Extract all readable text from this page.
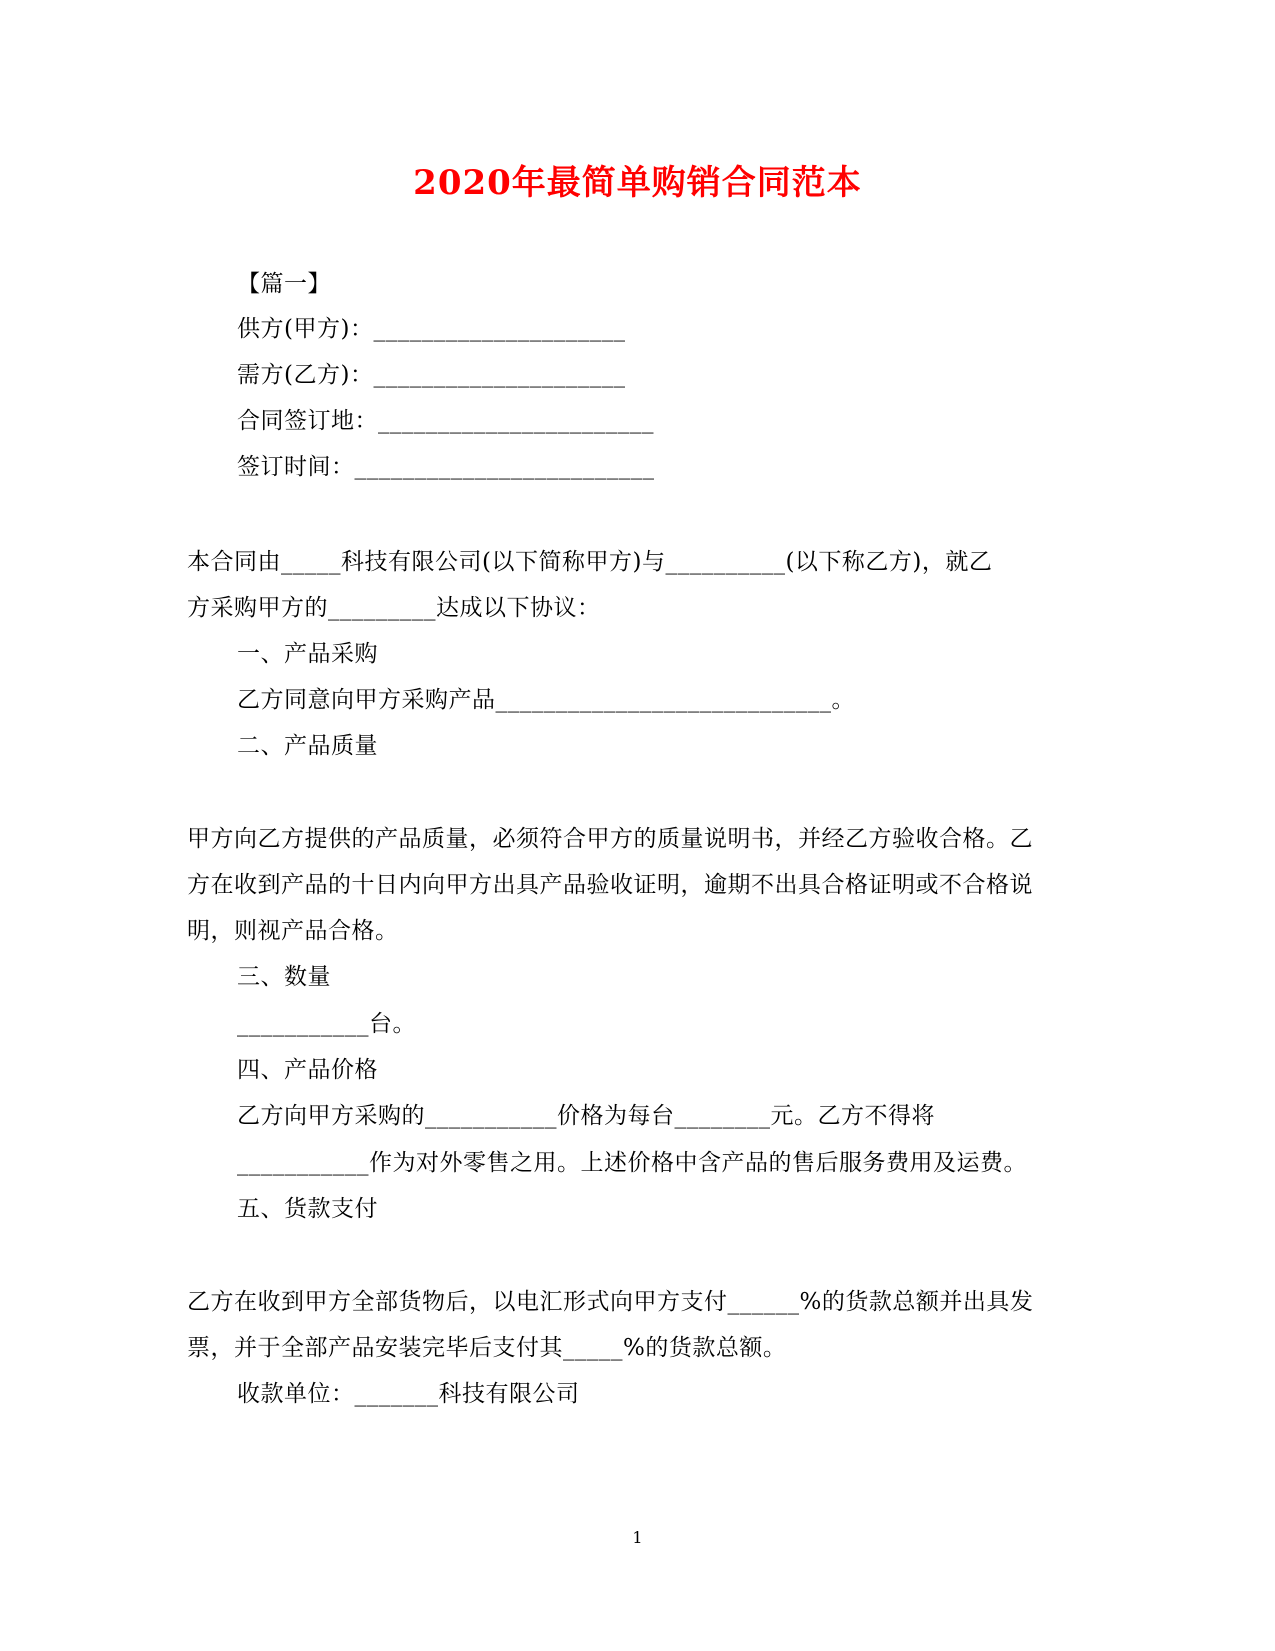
2020年最简单购销合同范本
【篇一】
供方(甲方)：_____________________
需方(乙方)：_____________________
合同签订地：_______________________
签订时间：_________________________
本合同由_____科技有限公司(以下简称甲方)与__________(以下称乙方)，就乙
方采购甲方的_________达成以下协议：
一、产品采购
乙方同意向甲方采购产品____________________________。
二、产品质量
甲方向乙方提供的产品质量，必须符合甲方的质量说明书，并经乙方验收合格。乙
方在收到产品的十日内向甲方出具产品验收证明，逾期不出具合格证明或不合格说
明，则视产品合格。
三、数量
___________台。
四、产品价格
乙方向甲方采购的___________价格为每台________元。乙方不得将
___________作为对外零售之用。上述价格中含产品的售后服务费用及运费。
五、货款支付
乙方在收到甲方全部货物后，以电汇形式向甲方支付______%的货款总额并出具发
票，并于全部产品安装完毕后支付其_____%的货款总额。
收款单位：_______科技有限公司
1
